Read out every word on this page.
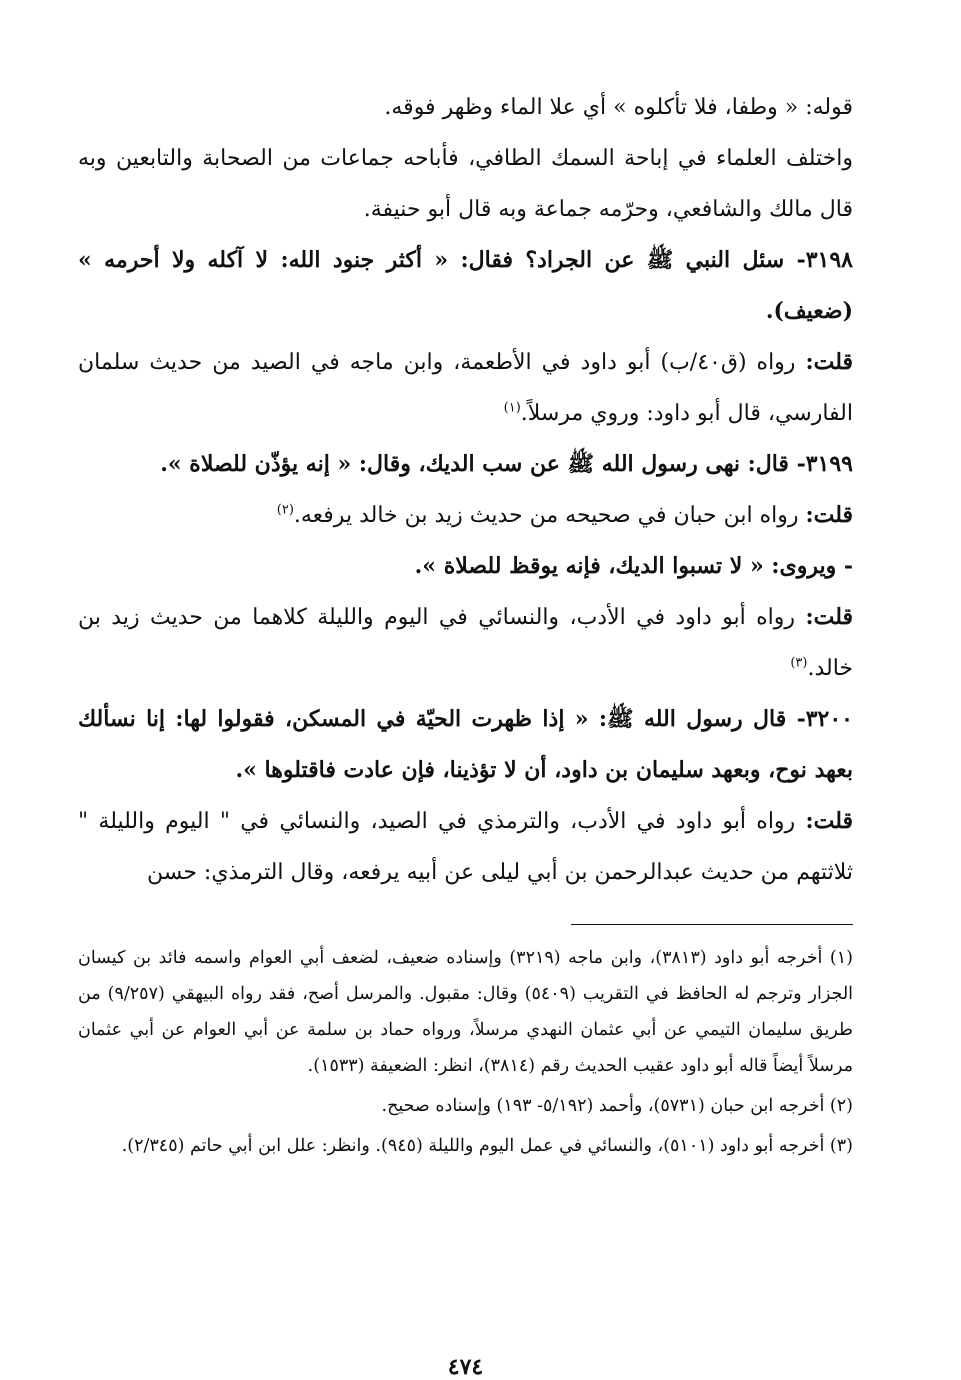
قوله: « وطفا، فلا تأكلوه » أي علا الماء وظهر فوقه.

واختلف العلماء في إباحة السمك الطافي، فأباحه جماعات من الصحابة والتابعين وبه قال مالك والشافعي، وحرّمه جماعة وبه قال أبو حنيفة.

٣١٩٨- سئل النبي ﷺ عن الجراد؟ فقال: « أكثر جنود الله: لا آكله ولا أحرمه » (ضعيف).

قلت: رواه (ق٤٠/ب) أبو داود في الأطعمة، وابن ماجه في الصيد من حديث سلمان الفارسي، قال أبو داود: وروي مرسلاً.$^{(١)}$

٣١٩٩- قال: نهى رسول الله ﷺ عن سب الديك، وقال: « إنه يؤذّن للصلاة ».

قلت: رواه ابن حبان في صحيحه من حديث زيد بن خالد يرفعه.$^{(٢)}$

- ويروى: « لا تسبوا الديك، فإنه يوقظ للصلاة ».

قلت: رواه أبو داود في الأدب، والنسائي في اليوم والليلة كلاهما من حديث زيد بن خالد.$^{(٣)}$

٣٢٠٠- قال رسول الله ﷺ: « إذا ظهرت الحيّة في المسكن، فقولوا لها: إنا نسألك بعهد نوح، وبعهد سليمان بن داود، أن لا تؤذينا، فإن عادت فاقتلوها ».

قلت: رواه أبو داود في الأدب، والترمذي في الصيد، والنسائي في " اليوم والليلة " ثلاثتهم من حديث عبدالرحمن بن أبي ليلى عن أبيه يرفعه، وقال الترمذي: حسن

(١) أخرجه أبو داود (٣٨١٣)، وابن ماجه (٣٢١٩) وإسناده ضعيف، لضعف أبي العوام واسمه فائد بن كيسان الجزار وترجم له الحافظ في التقريب (٥٤٠٩) وقال: مقبول. والمرسل أصح، فقد رواه البيهقي (٩/٢٥٧) من طريق سليمان التيمي عن أبي عثمان النهدي مرسلاً، ورواه حماد بن سلمة عن أبي العوام عن أبي عثمان مرسلاً أيضاً قاله أبو داود عقيب الحديث رقم (٣٨١٤)، انظر: الضعيفة (١٥٣٣).

(٢) أخرجه ابن حبان (٥٧٣١)، وأحمد (٥/١٩٢- ١٩٣) وإسناده صحيح.

(٣) أخرجه أبو داود (٥١٠١)، والنسائي في عمل اليوم والليلة (٩٤٥). وانظر: علل ابن أبي حاتم (٢/٣٤٥).

٤٧٤
